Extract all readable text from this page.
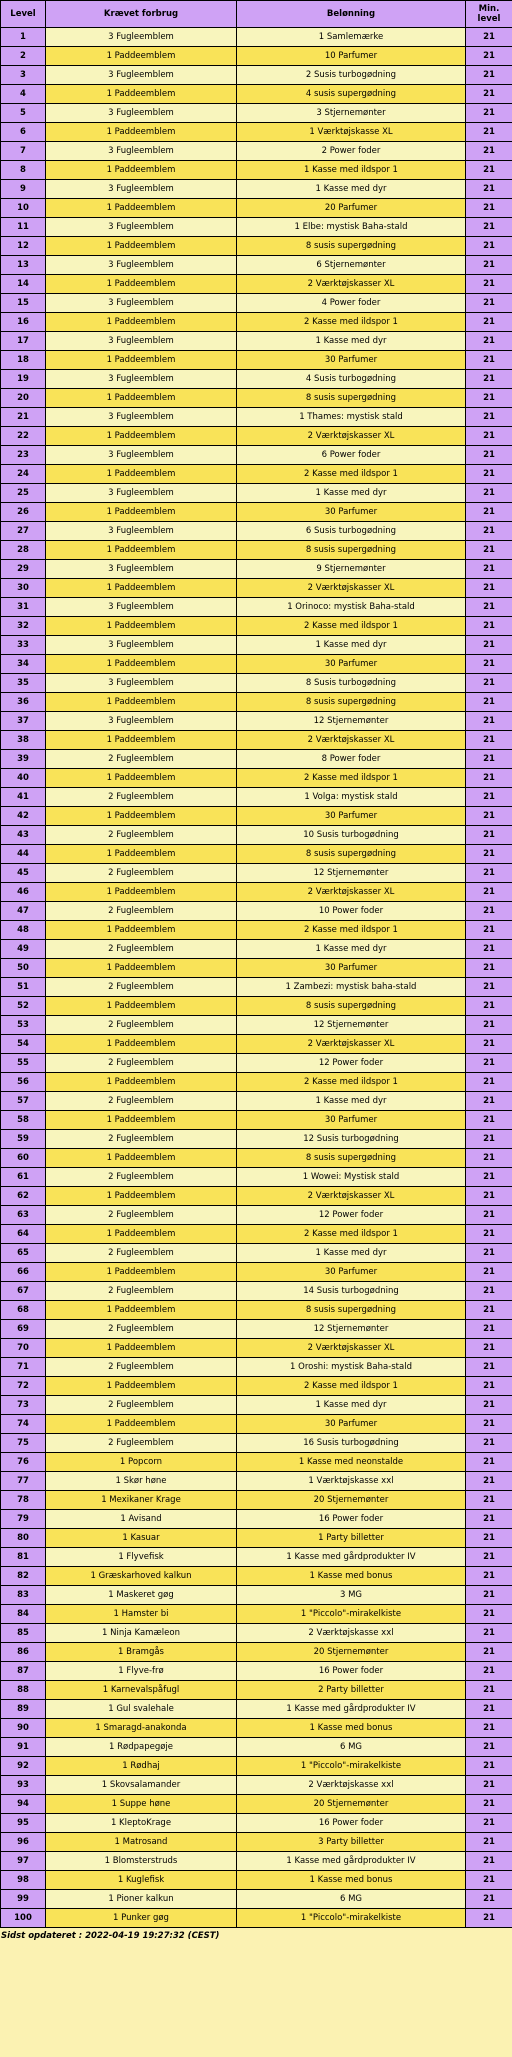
Level	Krævet forbrug	Belønning	Min. level
1	3 Fugleemblem	1 Samlemærke	21
2	1 Paddeemblem	10 Parfumer	21
3	3 Fugleemblem	2 Susis turbogødning	21
4	1 Paddeemblem	4 susis supergødning	21
5	3 Fugleemblem	3 Stjernemønter	21
6	1 Paddeemblem	1 Værktøjskasse XL	21
7	3 Fugleemblem	2 Power foder	21
8	1 Paddeemblem	1 Kasse med ildspor 1	21
9	3 Fugleemblem	1 Kasse med dyr	21
10	1 Paddeemblem	20 Parfumer	21
11	3 Fugleemblem	1 Elbe: mystisk Baha-stald	21
12	1 Paddeemblem	8 susis supergødning	21
13	3 Fugleemblem	6 Stjernemønter	21
14	1 Paddeemblem	2 Værktøjskasser XL	21
15	3 Fugleemblem	4 Power foder	21
16	1 Paddeemblem	2 Kasse med ildspor 1	21
17	3 Fugleemblem	1 Kasse med dyr	21
18	1 Paddeemblem	30 Parfumer	21
19	3 Fugleemblem	4 Susis turbogødning	21
20	1 Paddeemblem	8 susis supergødning	21
21	3 Fugleemblem	1 Thames: mystisk stald	21
22	1 Paddeemblem	2 Værktøjskasser XL	21
23	3 Fugleemblem	6 Power foder	21
24	1 Paddeemblem	2 Kasse med ildspor 1	21
25	3 Fugleemblem	1 Kasse med dyr	21
26	1 Paddeemblem	30 Parfumer	21
27	3 Fugleemblem	6 Susis turbogødning	21
28	1 Paddeemblem	8 susis supergødning	21
29	3 Fugleemblem	9 Stjernemønter	21
30	1 Paddeemblem	2 Værktøjskasser XL	21
31	3 Fugleemblem	1 Orinoco: mystisk Baha-stald	21
32	1 Paddeemblem	2 Kasse med ildspor 1	21
33	3 Fugleemblem	1 Kasse med dyr	21
34	1 Paddeemblem	30 Parfumer	21
35	3 Fugleemblem	8 Susis turbogødning	21
36	1 Paddeemblem	8 susis supergødning	21
37	3 Fugleemblem	12 Stjernemønter	21
38	1 Paddeemblem	2 Værktøjskasser XL	21
39	2 Fugleemblem	8 Power foder	21
40	1 Paddeemblem	2 Kasse med ildspor 1	21
41	2 Fugleemblem	1 Volga: mystisk stald	21
42	1 Paddeemblem	30 Parfumer	21
43	2 Fugleemblem	10 Susis turbogødning	21
44	1 Paddeemblem	8 susis supergødning	21
45	2 Fugleemblem	12 Stjernemønter	21
46	1 Paddeemblem	2 Værktøjskasser XL	21
47	2 Fugleemblem	10 Power foder	21
48	1 Paddeemblem	2 Kasse med ildspor 1	21
49	2 Fugleemblem	1 Kasse med dyr	21
50	1 Paddeemblem	30 Parfumer	21
51	2 Fugleemblem	1 Zambezi: mystisk baha-stald	21
52	1 Paddeemblem	8 susis supergødning	21
53	2 Fugleemblem	12 Stjernemønter	21
54	1 Paddeemblem	2 Værktøjskasser XL	21
55	2 Fugleemblem	12 Power foder	21
56	1 Paddeemblem	2 Kasse med ildspor 1	21
57	2 Fugleemblem	1 Kasse med dyr	21
58	1 Paddeemblem	30 Parfumer	21
59	2 Fugleemblem	12 Susis turbogødning	21
60	1 Paddeemblem	8 susis supergødning	21
61	2 Fugleemblem	1 Wowei: Mystisk stald	21
62	1 Paddeemblem	2 Værktøjskasser XL	21
63	2 Fugleemblem	12 Power foder	21
64	1 Paddeemblem	2 Kasse med ildspor 1	21
65	2 Fugleemblem	1 Kasse med dyr	21
66	1 Paddeemblem	30 Parfumer	21
67	2 Fugleemblem	14 Susis turbogødning	21
68	1 Paddeemblem	8 susis supergødning	21
69	2 Fugleemblem	12 Stjernemønter	21
70	1 Paddeemblem	2 Værktøjskasser XL	21
71	2 Fugleemblem	1 Oroshi: mystisk Baha-stald	21
72	1 Paddeemblem	2 Kasse med ildspor 1	21
73	2 Fugleemblem	1 Kasse med dyr	21
74	1 Paddeemblem	30 Parfumer	21
75	2 Fugleemblem	16 Susis turbogødning	21
76	1 Popcorn	1 Kasse med neonstalde	21
77	1 Skør høne	1 Værktøjskasse xxl	21
78	1 Mexikaner Krage	20 Stjernemønter	21
79	1 Avisand	16 Power foder	21
80	1 Kasuar	1 Party billetter	21
81	1 Flyvefisk	1 Kasse med gårdprodukter IV	21
82	1 Græskarhoved kalkun	1 Kasse med bonus	21
83	1 Maskeret gøg	3 MG	21
84	1 Hamster bi	1 "Piccolo"-mirakelkiste	21
85	1 Ninja Kamæleon	2 Værktøjskasse xxl	21
86	1 Bramgås	20 Stjernemønter	21
87	1 Flyve-frø	16 Power foder	21
88	1 Karnevalspåfugl	2 Party billetter	21
89	1 Gul svalehale	1 Kasse med gårdprodukter IV	21
90	1 Smaragd-anakonda	1 Kasse med bonus	21
91	1 Rødpapegøje	6 MG	21
92	1 Rødhaj	1 "Piccolo"-mirakelkiste	21
93	1 Skovsalamander	2 Værktøjskasse xxl	21
94	1 Suppe høne	20 Stjernemønter	21
95	1 KleptoKrage	16 Power foder	21
96	1 Matrosand	3 Party billetter	21
97	1 Blomsterstruds	1 Kasse med gårdprodukter IV	21
98	1 Kuglefisk	1 Kasse med bonus	21
99	1 Pioner kalkun	6 MG	21
100	1 Punker gøg	1 "Piccolo"-mirakelkiste	21
Sidst opdateret : 2022-04-19 19:27:32 (CEST)
